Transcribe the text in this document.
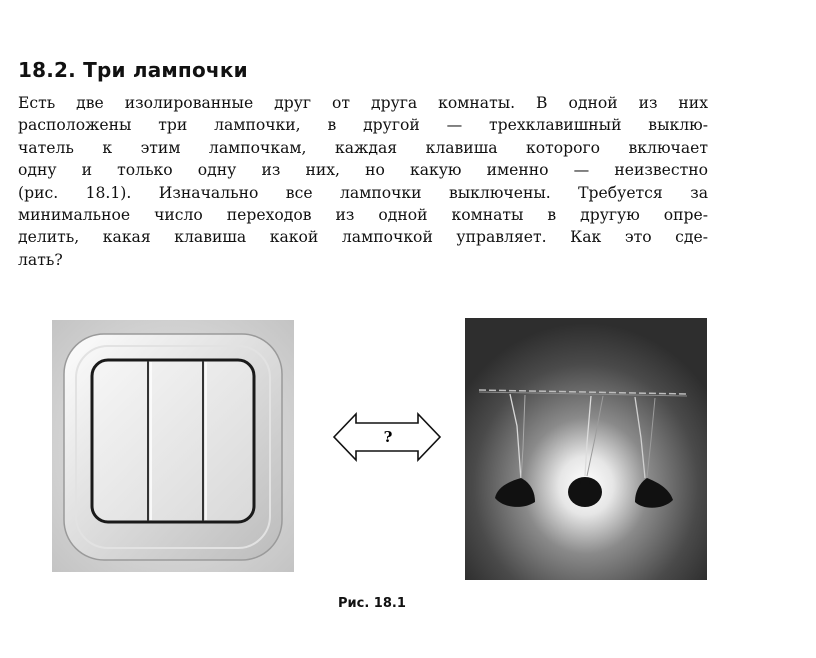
18.2. Три лампочки

Есть две изолированные друг от друга комнаты. В одной из них
расположены три лампочки, в другой — трехклавишный выклю-
чатель к этим лампочкам, каждая клавиша которого включает
одну и только одну из них, но какую именно — неизвестно
(рис. 18.1). Изначально все лампочки выключены. Требуется за
минимальное число переходов из одной комнаты в другую опре-
делить, какая клавиша какой лампочкой управляет. Как это сде-
лать?

?

Рис. 18.1
